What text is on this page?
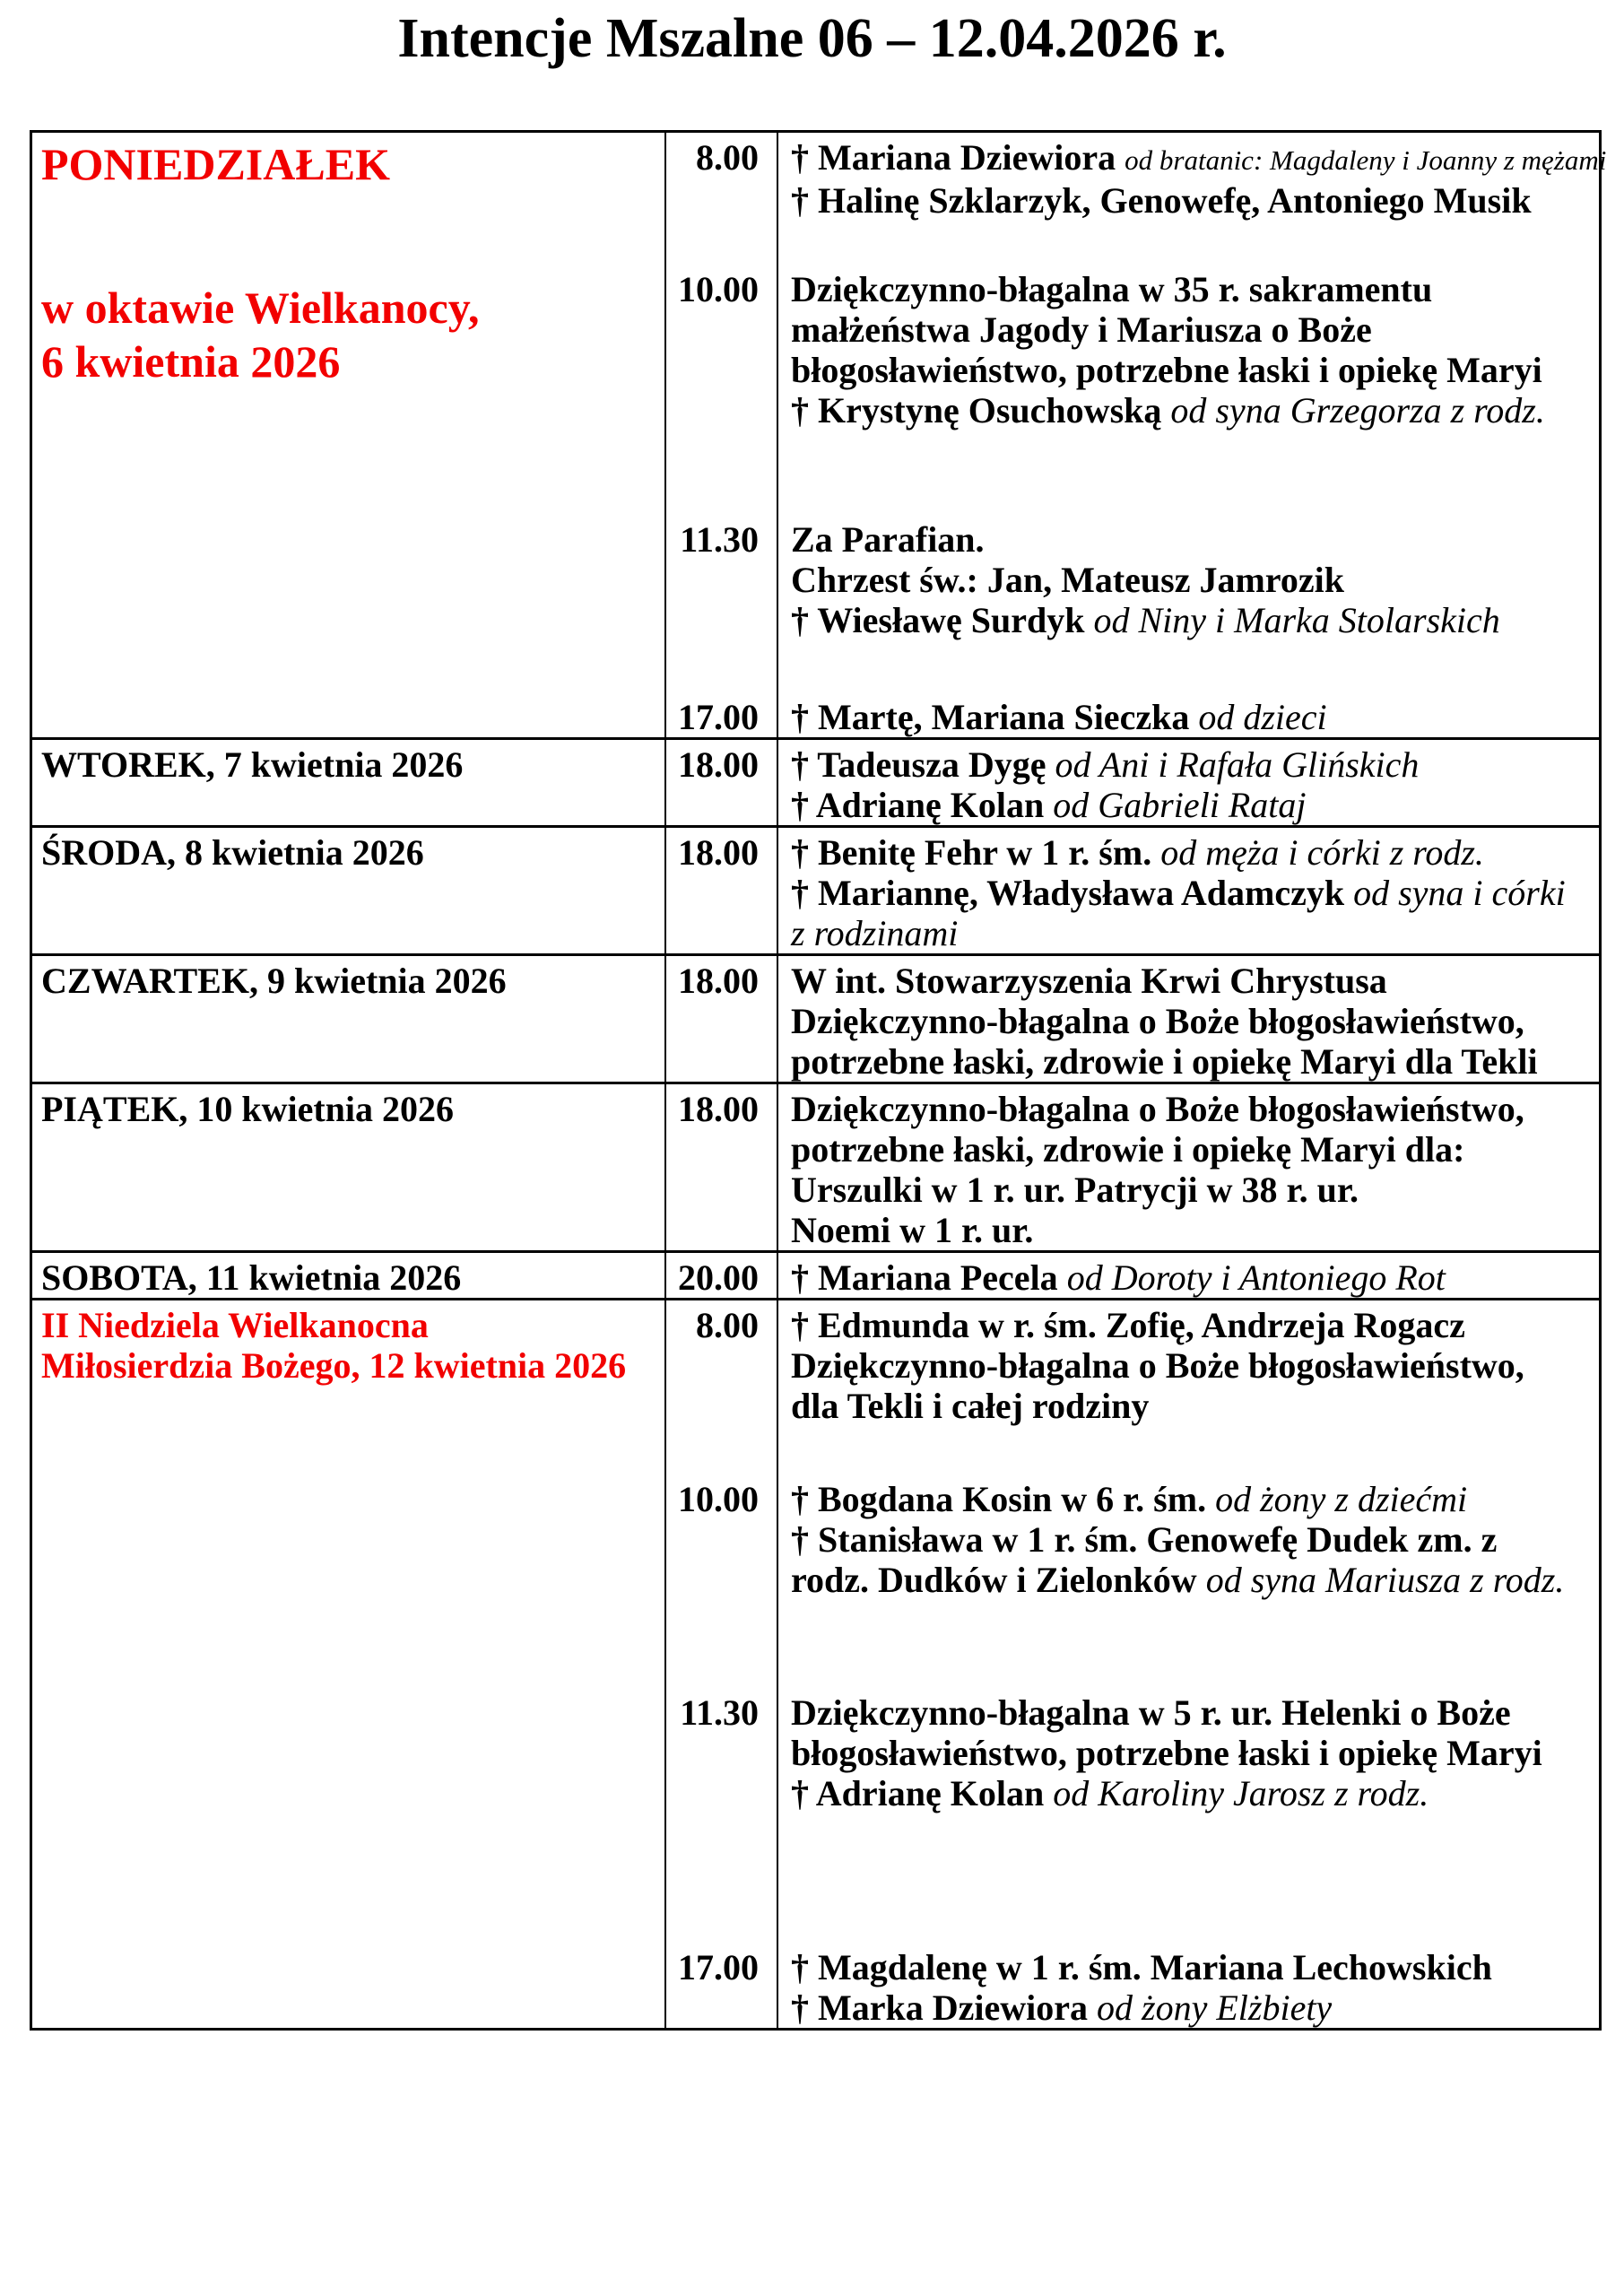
Intencje Mszalne 06 – 12.04.2026 r.
PONIEDZIAŁEK
w oktawie Wielkanocy,
6 kwietnia 2026
8.00 † Mariana Dziewiora od bratanic: Magdaleny i Joanny z mężami
† Halinę Szklarzyk, Genowefę, Antoniego Musik
10.00 Dziękczynno-błagalna w 35 r. sakramentu
małżeństwa Jagody i Mariusza o Boże
błogosławieństwo, potrzebne łaski i opiekę Maryi
† Krystynę Osuchowską od syna Grzegorza z rodz.
11.30 Za Parafian.
Chrzest św.: Jan, Mateusz Jamrozik
† Wiesławę Surdyk od Niny i Marka Stolarskich
17.00 † Martę, Mariana Sieczka od dzieci
WTOREK, 7 kwietnia 2026	18.00 † Tadeusza Dygę od Ani i Rafała Glińskich
† Adrianę Kolan od Gabrieli Rataj
ŚRODA, 8 kwietnia 2026	18.00 † Benitę Fehr w 1 r. śm. od męża i córki z rodz.
† Mariannę, Władysława Adamczyk od syna i córki
z rodzinami
CZWARTEK, 9 kwietnia 2026	18.00 W int. Stowarzyszenia Krwi Chrystusa
Dziękczynno-błagalna o Boże błogosławieństwo,
potrzebne łaski, zdrowie i opiekę Maryi dla Tekli
PIĄTEK, 10 kwietnia 2026	18.00 Dziękczynno-błagalna o Boże błogosławieństwo,
potrzebne łaski, zdrowie i opiekę Maryi dla:
Urszulki w 1 r. ur. Patrycji w 38 r. ur.
Noemi w 1 r. ur.
SOBOTA, 11 kwietnia 2026	20.00 † Mariana Pecela od Doroty i Antoniego Rot
II Niedziela Wielkanocna
Miłosierdzia Bożego, 12 kwietnia 2026
8.00 † Edmunda w r. śm. Zofię, Andrzeja Rogacz
Dziękczynno-błagalna o Boże błogosławieństwo,
dla Tekli i całej rodziny
10.00 † Bogdana Kosin w 6 r. śm. od żony z dziećmi
† Stanisława w 1 r. śm. Genowefę Dudek zm. z
rodz. Dudków i Zielonków od syna Mariusza z rodz.
11.30 Dziękczynno-błagalna w 5 r. ur. Helenki o Boże
błogosławieństwo, potrzebne łaski i opiekę Maryi
† Adrianę Kolan od Karoliny Jarosz z rodz.
17.00 † Magdalenę w 1 r. śm. Mariana Lechowskich
† Marka Dziewiora od żony Elżbiety
